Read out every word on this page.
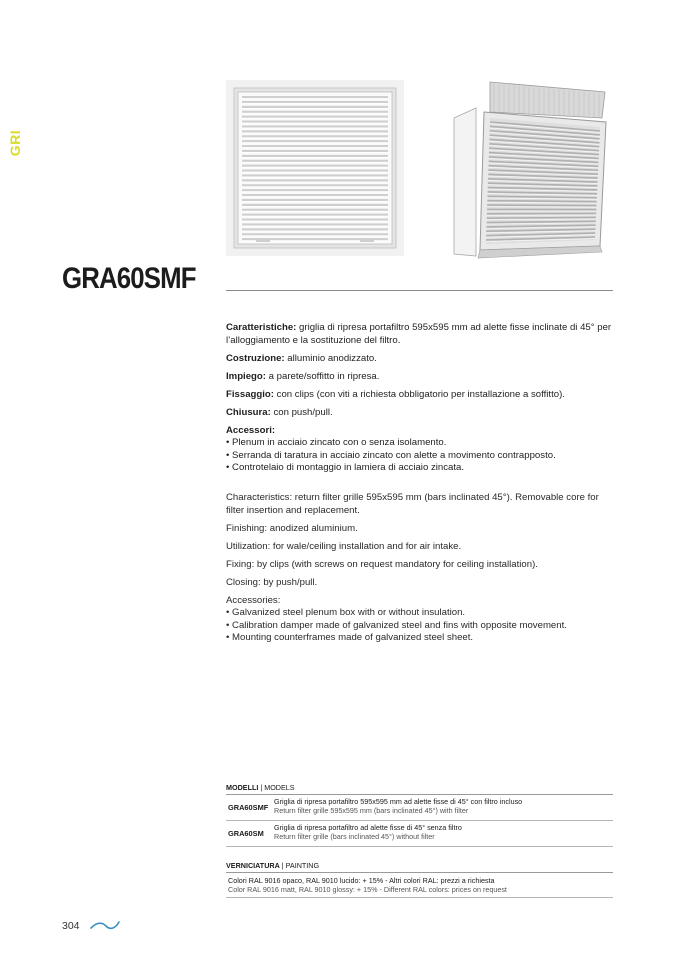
GRI
GRA60SMF

Caratteristiche: griglia di ripresa portafiltro 595x595 mm ad alette fisse inclinate di 45° per l’alloggiamento e la sostituzione del filtro.

Costruzione: alluminio anodizzato.

Impiego: a parete/soffitto in ripresa.

Fissaggio: con clips (con viti a richiesta obbligatorio per installazione a soffitto).

Chiusura: con push/pull.

Accessori:

• Plenum in acciaio zincato con o senza isolamento.
• Serranda di taratura in acciaio zincato con alette a movimento contrapposto.
• Controtelaio di montaggio in lamiera di acciaio zincata.

Characteristics: return filter grille 595x595 mm (bars inclinated 45°). Removable core for filter insertion and replacement.

Finishing: anodized aluminium.

Utilization: for wale/ceiling installation and for air intake.

Fixing: by clips (with screws on request mandatory for ceiling installation).

Closing: by push/pull.

Accessories:

• Galvanized steel plenum box with or without insulation.
• Calibration damper made of galvanized steel and fins with opposite movement.
• Mounting counterframes made of galvanized steel sheet.
MODELLI | MODELS
GRA60SMF
Griglia di ripresa portafiltro 595x595 mm ad alette fisse di 45° con filtro incluso
Return filter grille 595x595 mm (bars inclinated 45°) with filter
GRA60SM
Griglia di ripresa portafiltro ad alette fisse di 45° senza filtro
Return filter grille (bars inclinated 45°) without filter
VERNICIATURA | PAINTING
Colori RAL 9016 opaco, RAL 9010 lucido: + 15% - Altri colori RAL: prezzi a richiesta
Color RAL 9016 matt, RAL 9010 glossy: + 15% - Different RAL colors: prices on request
304
